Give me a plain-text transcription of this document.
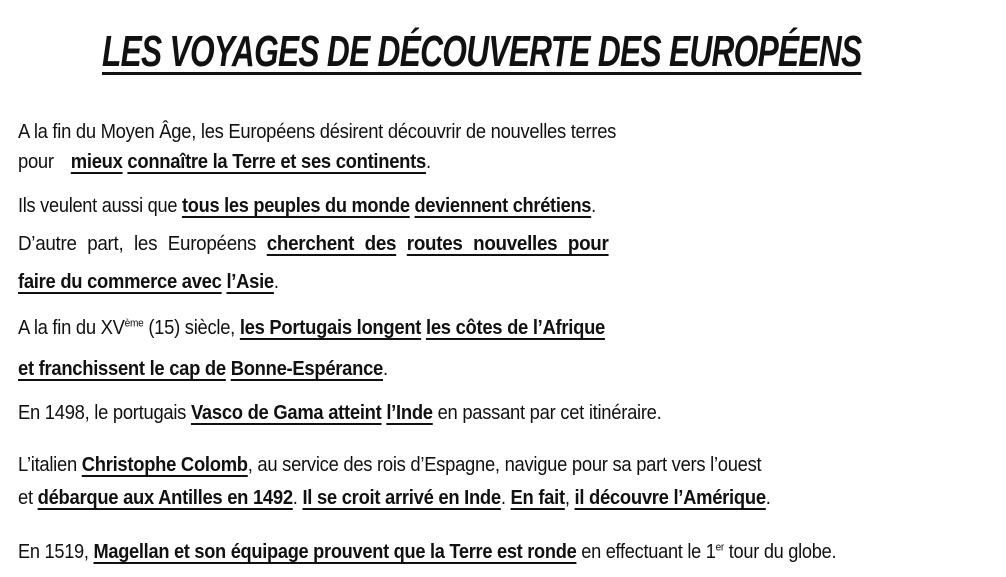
LES VOYAGES DE DÉCOUVERTE DES EUROPÉENS
A la fin du Moyen Âge, les Européens désirent découvrir de nouvelles terres
pour  mieux connaître la Terre et ses continents.
Ils veulent aussi que tous les peuples du monde deviennent chrétiens.
D’autre part, les Européens cherchent des routes nouvelles pour
faire du commerce avec l’Asie.
A la fin du XVème (15) siècle, les Portugais longent les côtes de l’Afrique
et franchissent le cap de Bonne-Espérance.
En 1498, le portugais Vasco de Gama atteint l’Inde en passant par cet itinéraire.
L’italien Christophe Colomb, au service des rois d’Espagne, navigue pour sa part vers l’ouest
et débarque aux Antilles en 1492. Il se croit arrivé en Inde. En fait, il découvre l’Amérique.
En 1519, Magellan et son équipage prouvent que la Terre est ronde en effectuant le 1er tour du globe.
